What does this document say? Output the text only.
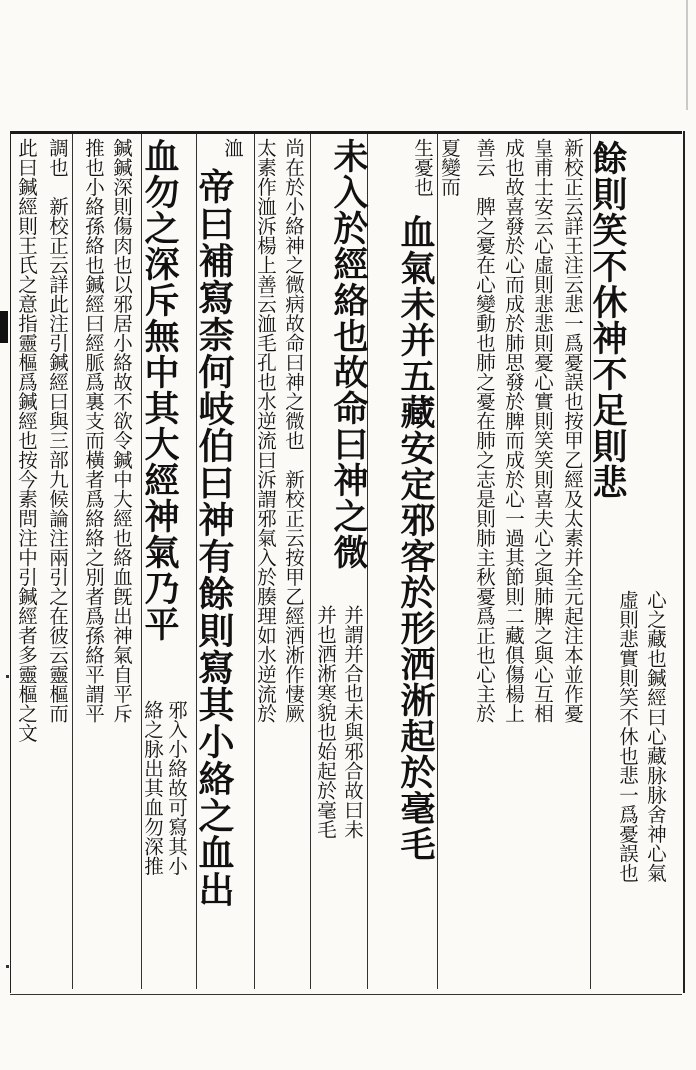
餘則笑不休神不足則悲
心之藏也鍼經曰心藏脉脉舍神心氣
虛則悲實則笑不休也悲一爲憂誤也
新校正云詳王注云悲一爲憂誤也按甲乙經及太素并全元起注本並作憂
皇甫士安云心虛則悲悲則憂心實則笑笑則喜夫心之與肺脾之與心互相
成也故喜發於心而成於肺思發於脾而成於心一過其節則二藏俱傷楊上
善云　脾之憂在心變動也肺之憂在肺之志是則肺主秋憂爲正也心主於
夏變而
生憂也
血氣未并五藏安定邪客於形洒淅起於毫毛
未入於經絡也故命曰神之微
并謂并合也未與邪合故曰未
并也洒淅寒貌也始起於毫毛
尚在於小絡神之微病故命曰神之微也　新校正云按甲乙經洒淅作悽厥
太素作洫泝楊上善云洫毛孔也水逆流曰泝謂邪氣入於腠理如水逆流於
洫
帝曰補寫柰何岐伯曰神有餘則寫其小絡之血出
血勿之深斥無中其大經神氣乃平
邪入小絡故可寫其小
絡之脉出其血勿深推
鍼鍼深則傷肉也以邪居小絡故不欲令鍼中大經也絡血旣出神氣自平斥
推也小絡孫絡也鍼經曰經脈爲裏支而橫者爲絡絡之別者爲孫絡平謂平
調也　新校正云詳此注引鍼經曰與三部九候論注兩引之在彼云靈樞而
此曰鍼經則王氏之意指靈樞爲鍼經也按今素問注中引鍼經者多靈樞之文
